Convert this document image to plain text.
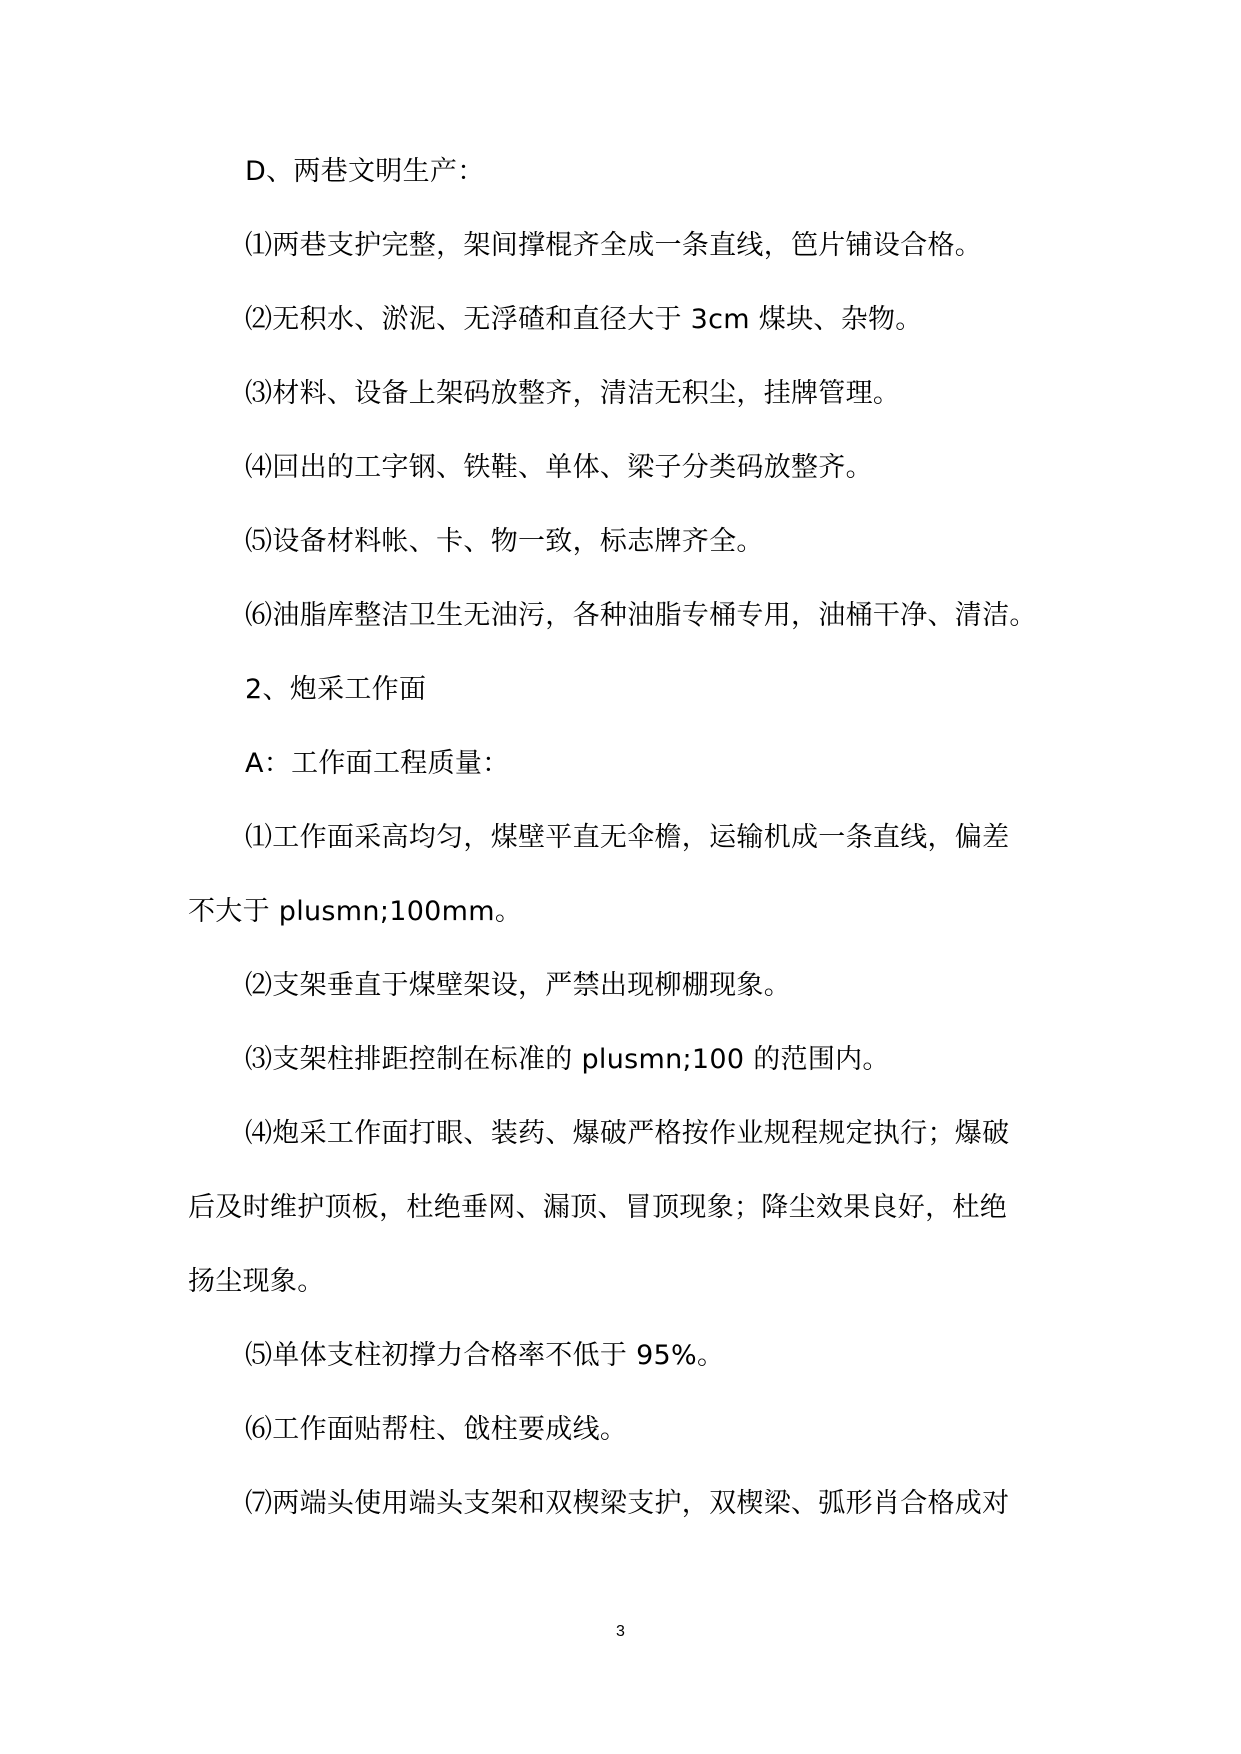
D、两巷文明生产：
⑴两巷支护完整，架间撑棍齐全成一条直线，笆片铺设合格。
⑵无积水、淤泥、无浮碴和直径大于 3cm 煤块、杂物。
⑶材料、设备上架码放整齐，清洁无积尘，挂牌管理。
⑷回出的工字钢、铁鞋、单体、梁子分类码放整齐。
⑸设备材料帐、卡、物一致，标志牌齐全。
⑹油脂库整洁卫生无油污，各种油脂专桶专用，油桶干净、清洁。
2、炮采工作面
A：工作面工程质量：
⑴工作面采高均匀，煤壁平直无伞檐，运输机成一条直线，偏差
不大于 plusmn;100mm。
⑵支架垂直于煤壁架设，严禁出现柳棚现象。
⑶支架柱排距控制在标准的 plusmn;100 的范围内。
⑷炮采工作面打眼、装药、爆破严格按作业规程规定执行；爆破
后及时维护顶板，杜绝垂网、漏顶、冒顶现象；降尘效果良好，杜绝
扬尘现象。
⑸单体支柱初撑力合格率不低于 95%。
⑹工作面贴帮柱、戗柱要成线。
⑺两端头使用端头支架和双楔梁支护，双楔梁、弧形肖合格成对
3
